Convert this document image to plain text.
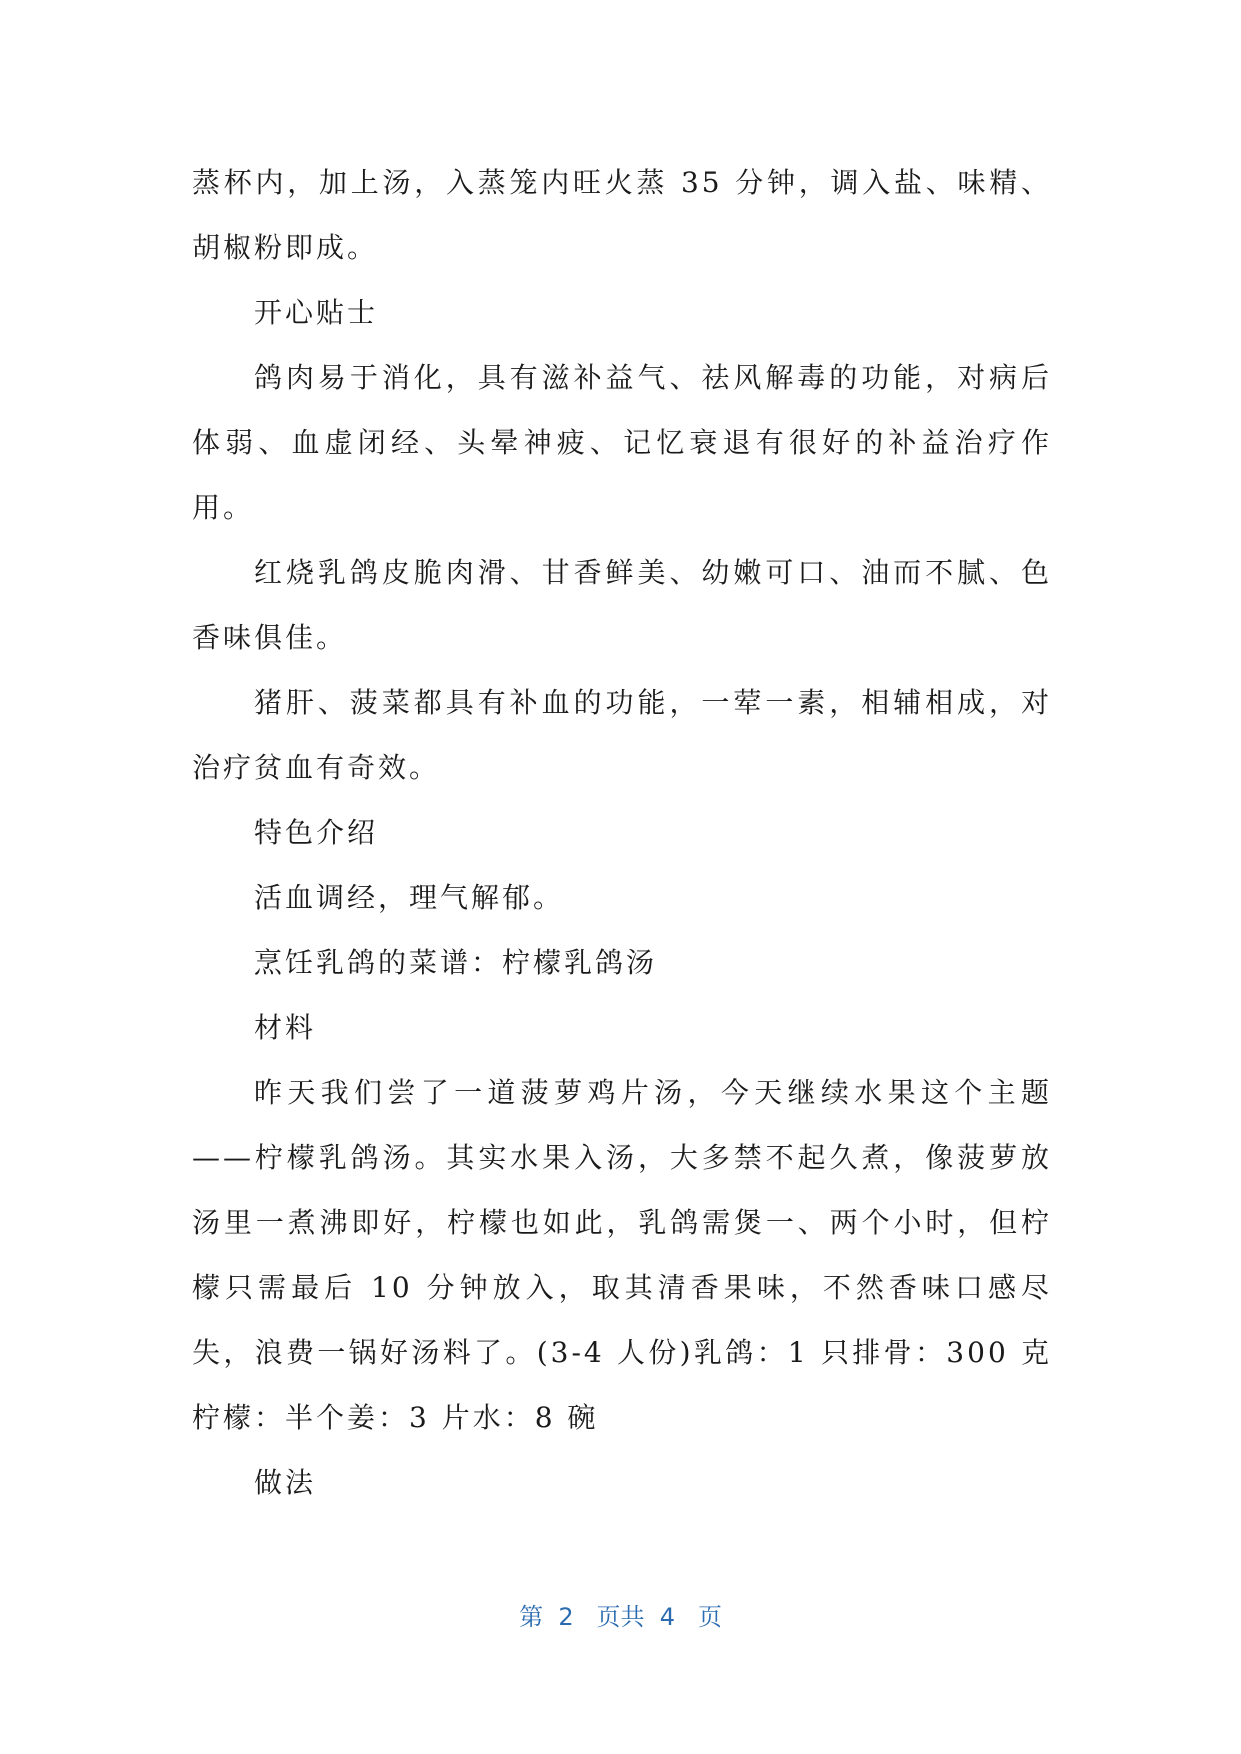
蒸杯内，加上汤，入蒸笼内旺火蒸 35 分钟，调入盐、味精、胡椒粉即成。

开心贴士

鸽肉易于消化，具有滋补益气、祛风解毒的功能，对病后体弱、血虚闭经、头晕神疲、记忆衰退有很好的补益治疗作用。

红烧乳鸽皮脆肉滑、甘香鲜美、幼嫩可口、油而不腻、色香味俱佳。

猪肝、菠菜都具有补血的功能，一荤一素，相辅相成，对治疗贫血有奇效。

特色介绍

活血调经，理气解郁。

烹饪乳鸽的菜谱：柠檬乳鸽汤

材料

昨天我们尝了一道菠萝鸡片汤，今天继续水果这个主题——柠檬乳鸽汤。其实水果入汤，大多禁不起久煮，像菠萝放汤里一煮沸即好，柠檬也如此，乳鸽需煲一、两个小时，但柠檬只需最后 10 分钟放入，取其清香果味，不然香味口感尽失，浪费一锅好汤料了。(3-4 人份)乳鸽：1 只排骨：300 克柠檬：半个姜：3 片水：8 碗

做法

第 2 页共 4 页
